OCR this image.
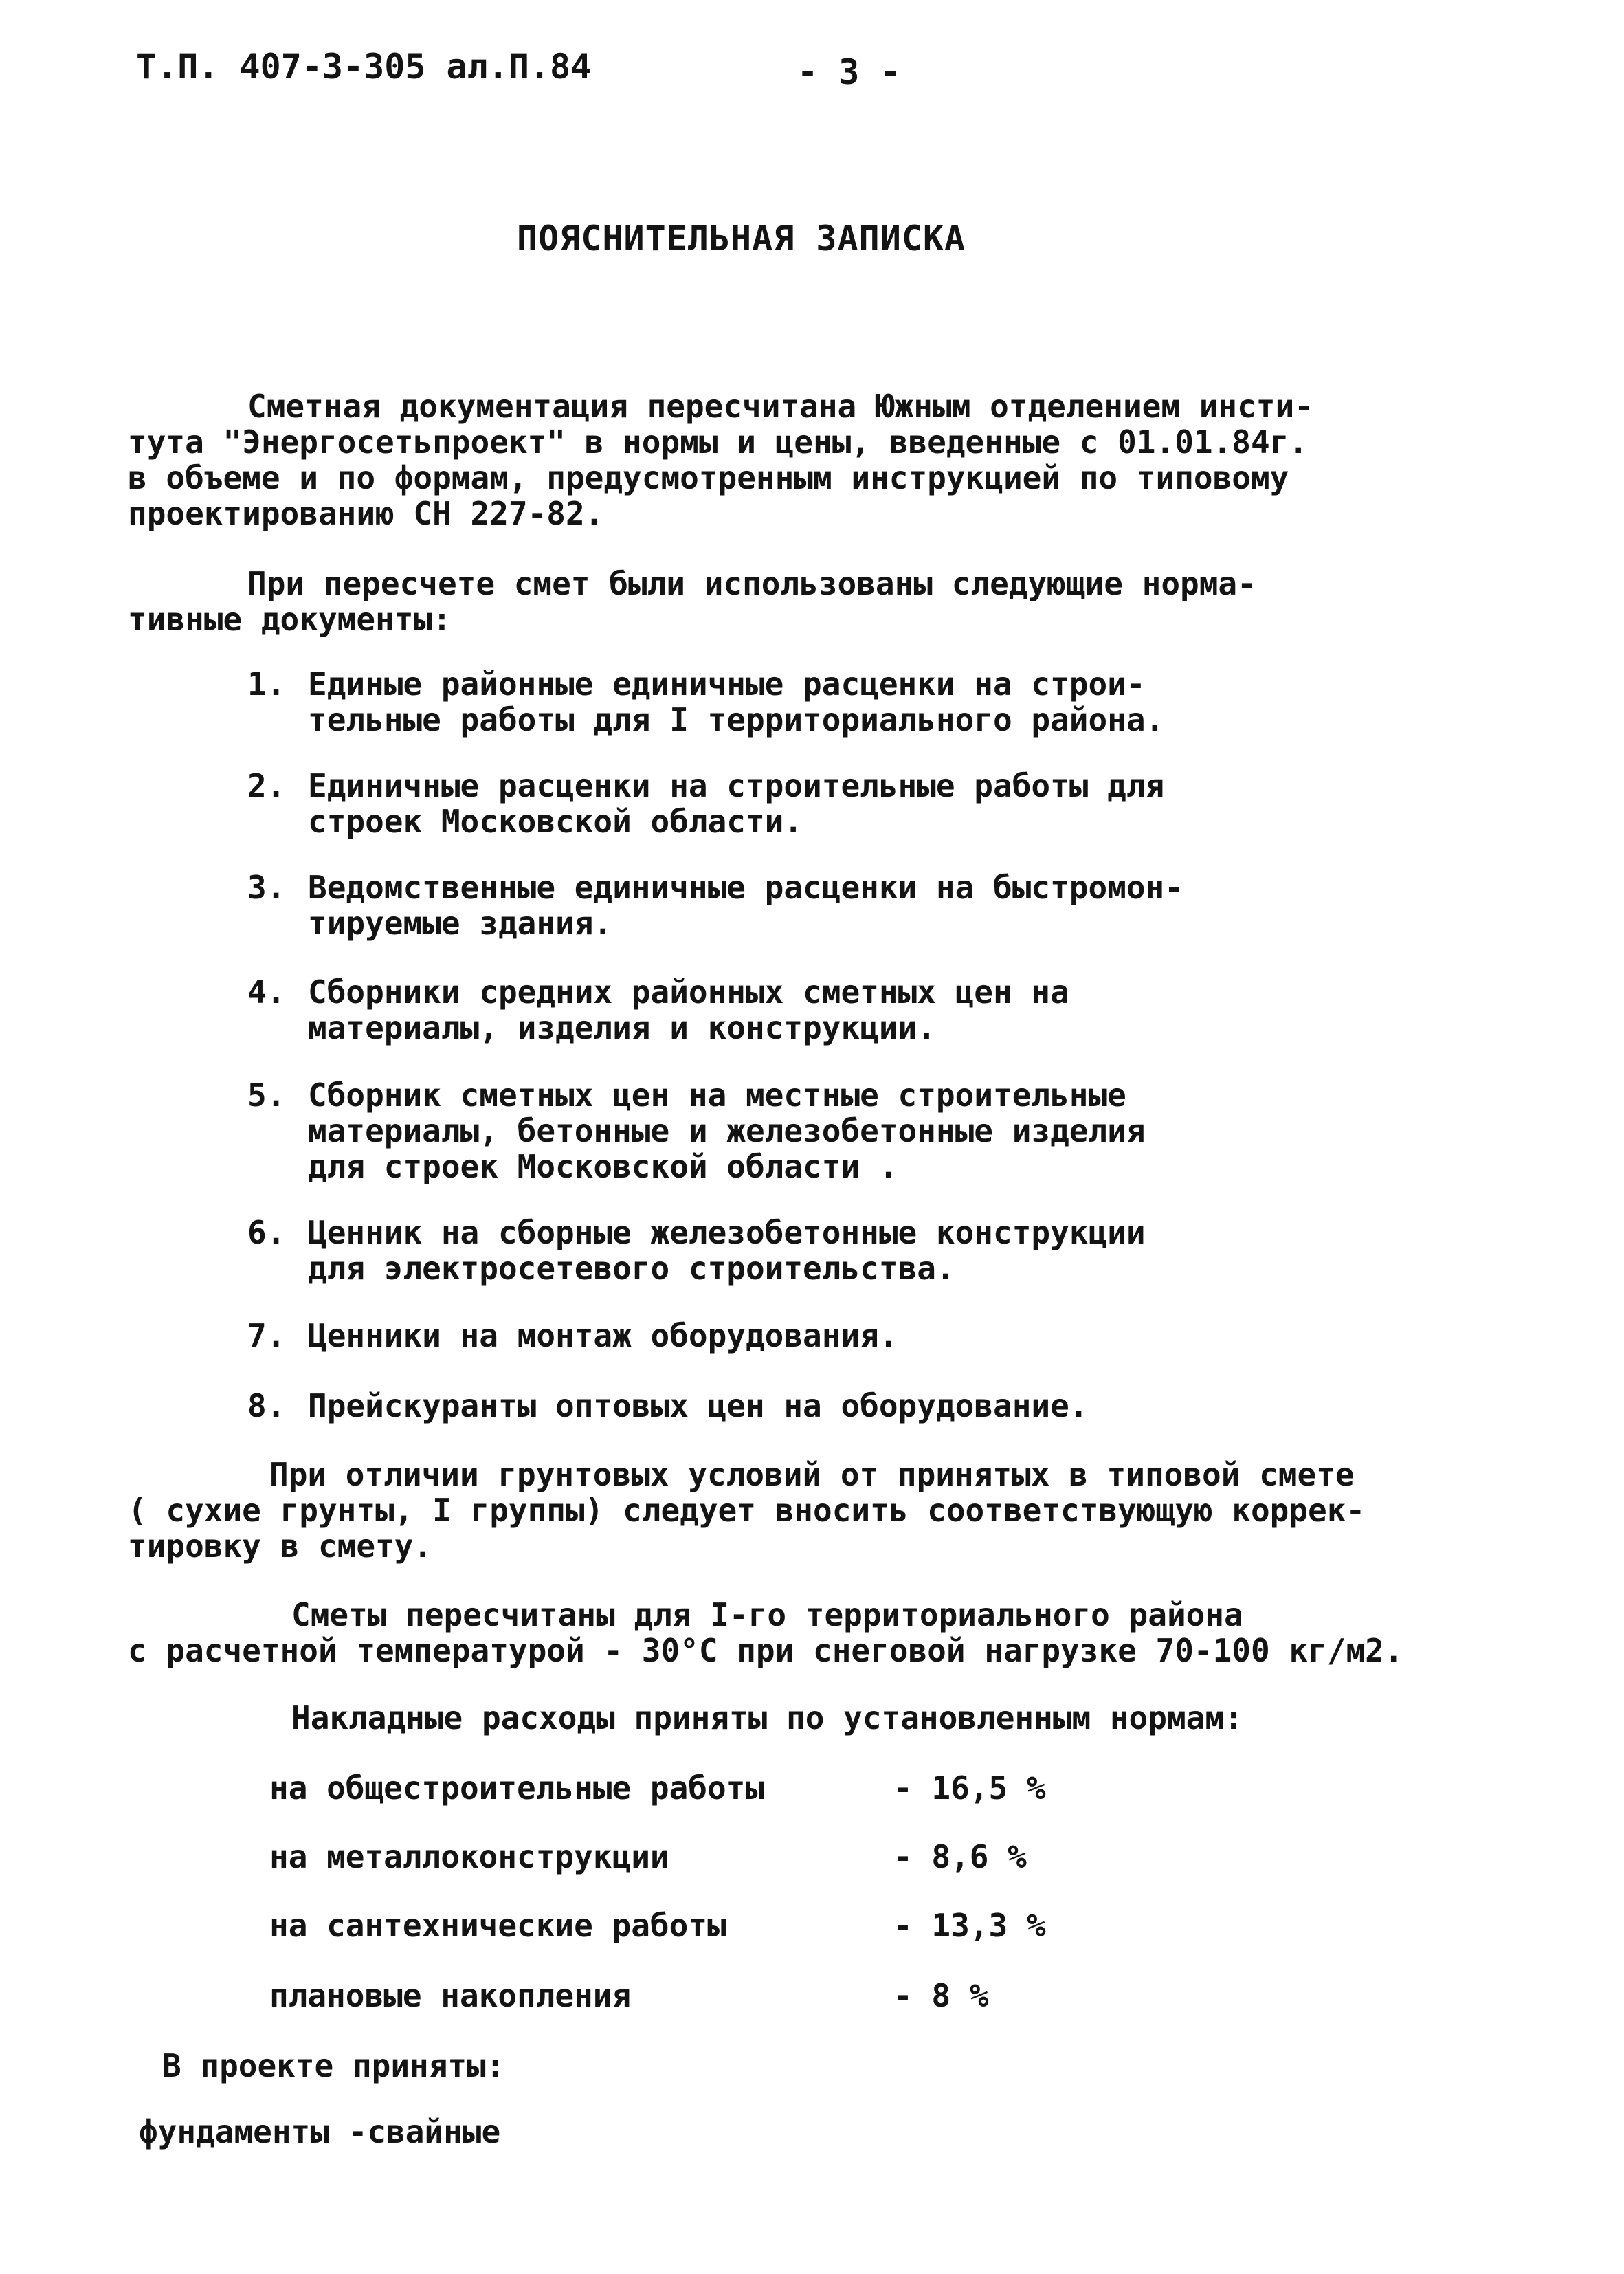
Т.П. 407-3-305 ал.П.84	- 3 -
ПОЯСНИТЕЛЬНАЯ ЗАПИСКА
Сметная документация пересчитана Южным отделением инсти-
тута "Энергосетьпроект" в нормы и цены, введенные с 01.01.84г.
в объеме и по формам, предусмотренным инструкцией по типовому
проектированию СН 227-82.
При пересчете смет были использованы следующие норма-
тивные документы:
1. Единые районные единичные расценки на строи-
тельные работы для I территориального района.
2. Единичные расценки на строительные работы для
строек Московской области.
3. Ведомственные единичные расценки на быстромон-
тируемые здания.
4. Сборники средних районных сметных цен на
материалы, изделия и конструкции.
5. Сборник сметных цен на местные строительные
материалы, бетонные и железобетонные изделия
для строек Московской области .
6. Ценник на сборные железобетонные конструкции
для электросетевого строительства.
7. Ценники на монтаж оборудования.
8. Прейскуранты оптовых цен на оборудование.
При отличии грунтовых условий от принятых в типовой смете
( сухие грунты, I группы) следует вносить соответствующую коррек-
тировку в смету.
Сметы пересчитаны для I-го территориального района
с расчетной температурой - 30°С при снеговой нагрузке 70-100 кг/м2.
Накладные расходы приняты по установленным нормам:
на общестроительные работы	- 16,5 %
на металлоконструкции	- 8,6 %
на сантехнические работы	- 13,3 %
плановые накопления	- 8 %
В проекте приняты:
фундаменты -свайные
